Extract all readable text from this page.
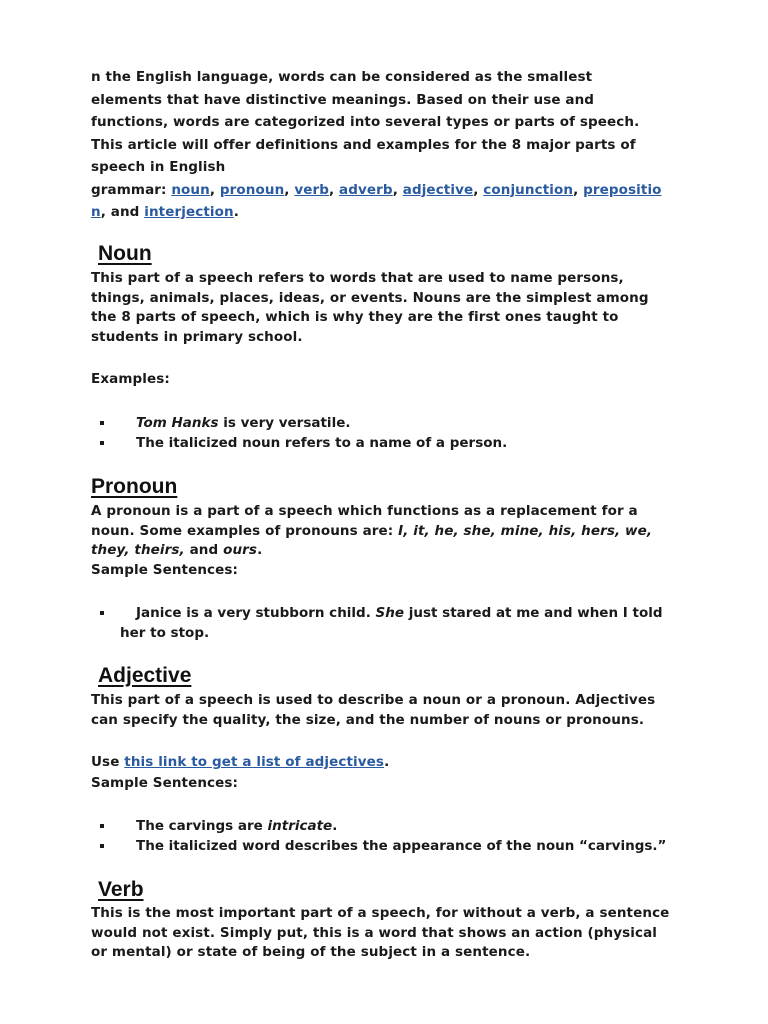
n the English language, words can be considered as the smallest
elements that have distinctive meanings. Based on their use and
functions, words are categorized into several types or parts of speech.
This article will offer definitions and examples for the 8 major parts of
speech in English
grammar: noun, pronoun, verb, adverb, adjective, conjunction, prepositio
n, and interjection.
Noun
This part of a speech refers to words that are used to name persons, things, animals, places, ideas, or events. Nouns are the simplest among the 8 parts of speech, which is why they are the first ones taught to students in primary school.
Examples:
Tom Hanks is very versatile.
The italicized noun refers to a name of a person.
Pronoun
A pronoun is a part of a speech which functions as a replacement for a noun. Some examples of pronouns are: I, it, he, she, mine, his, hers, we, they, theirs, and ours.
Sample Sentences:
Janice is a very stubborn child. She just stared at me and when I told her to stop.
Adjective
This part of a speech is used to describe a noun or a pronoun. Adjectives can specify the quality, the size, and the number of nouns or pronouns.
Use this link to get a list of adjectives.
Sample Sentences:
The carvings are intricate.
The italicized word describes the appearance of the noun “carvings.”
Verb
This is the most important part of a speech, for without a verb, a sentence would not exist. Simply put, this is a word that shows an action (physical or mental) or state of being of the subject in a sentence.
